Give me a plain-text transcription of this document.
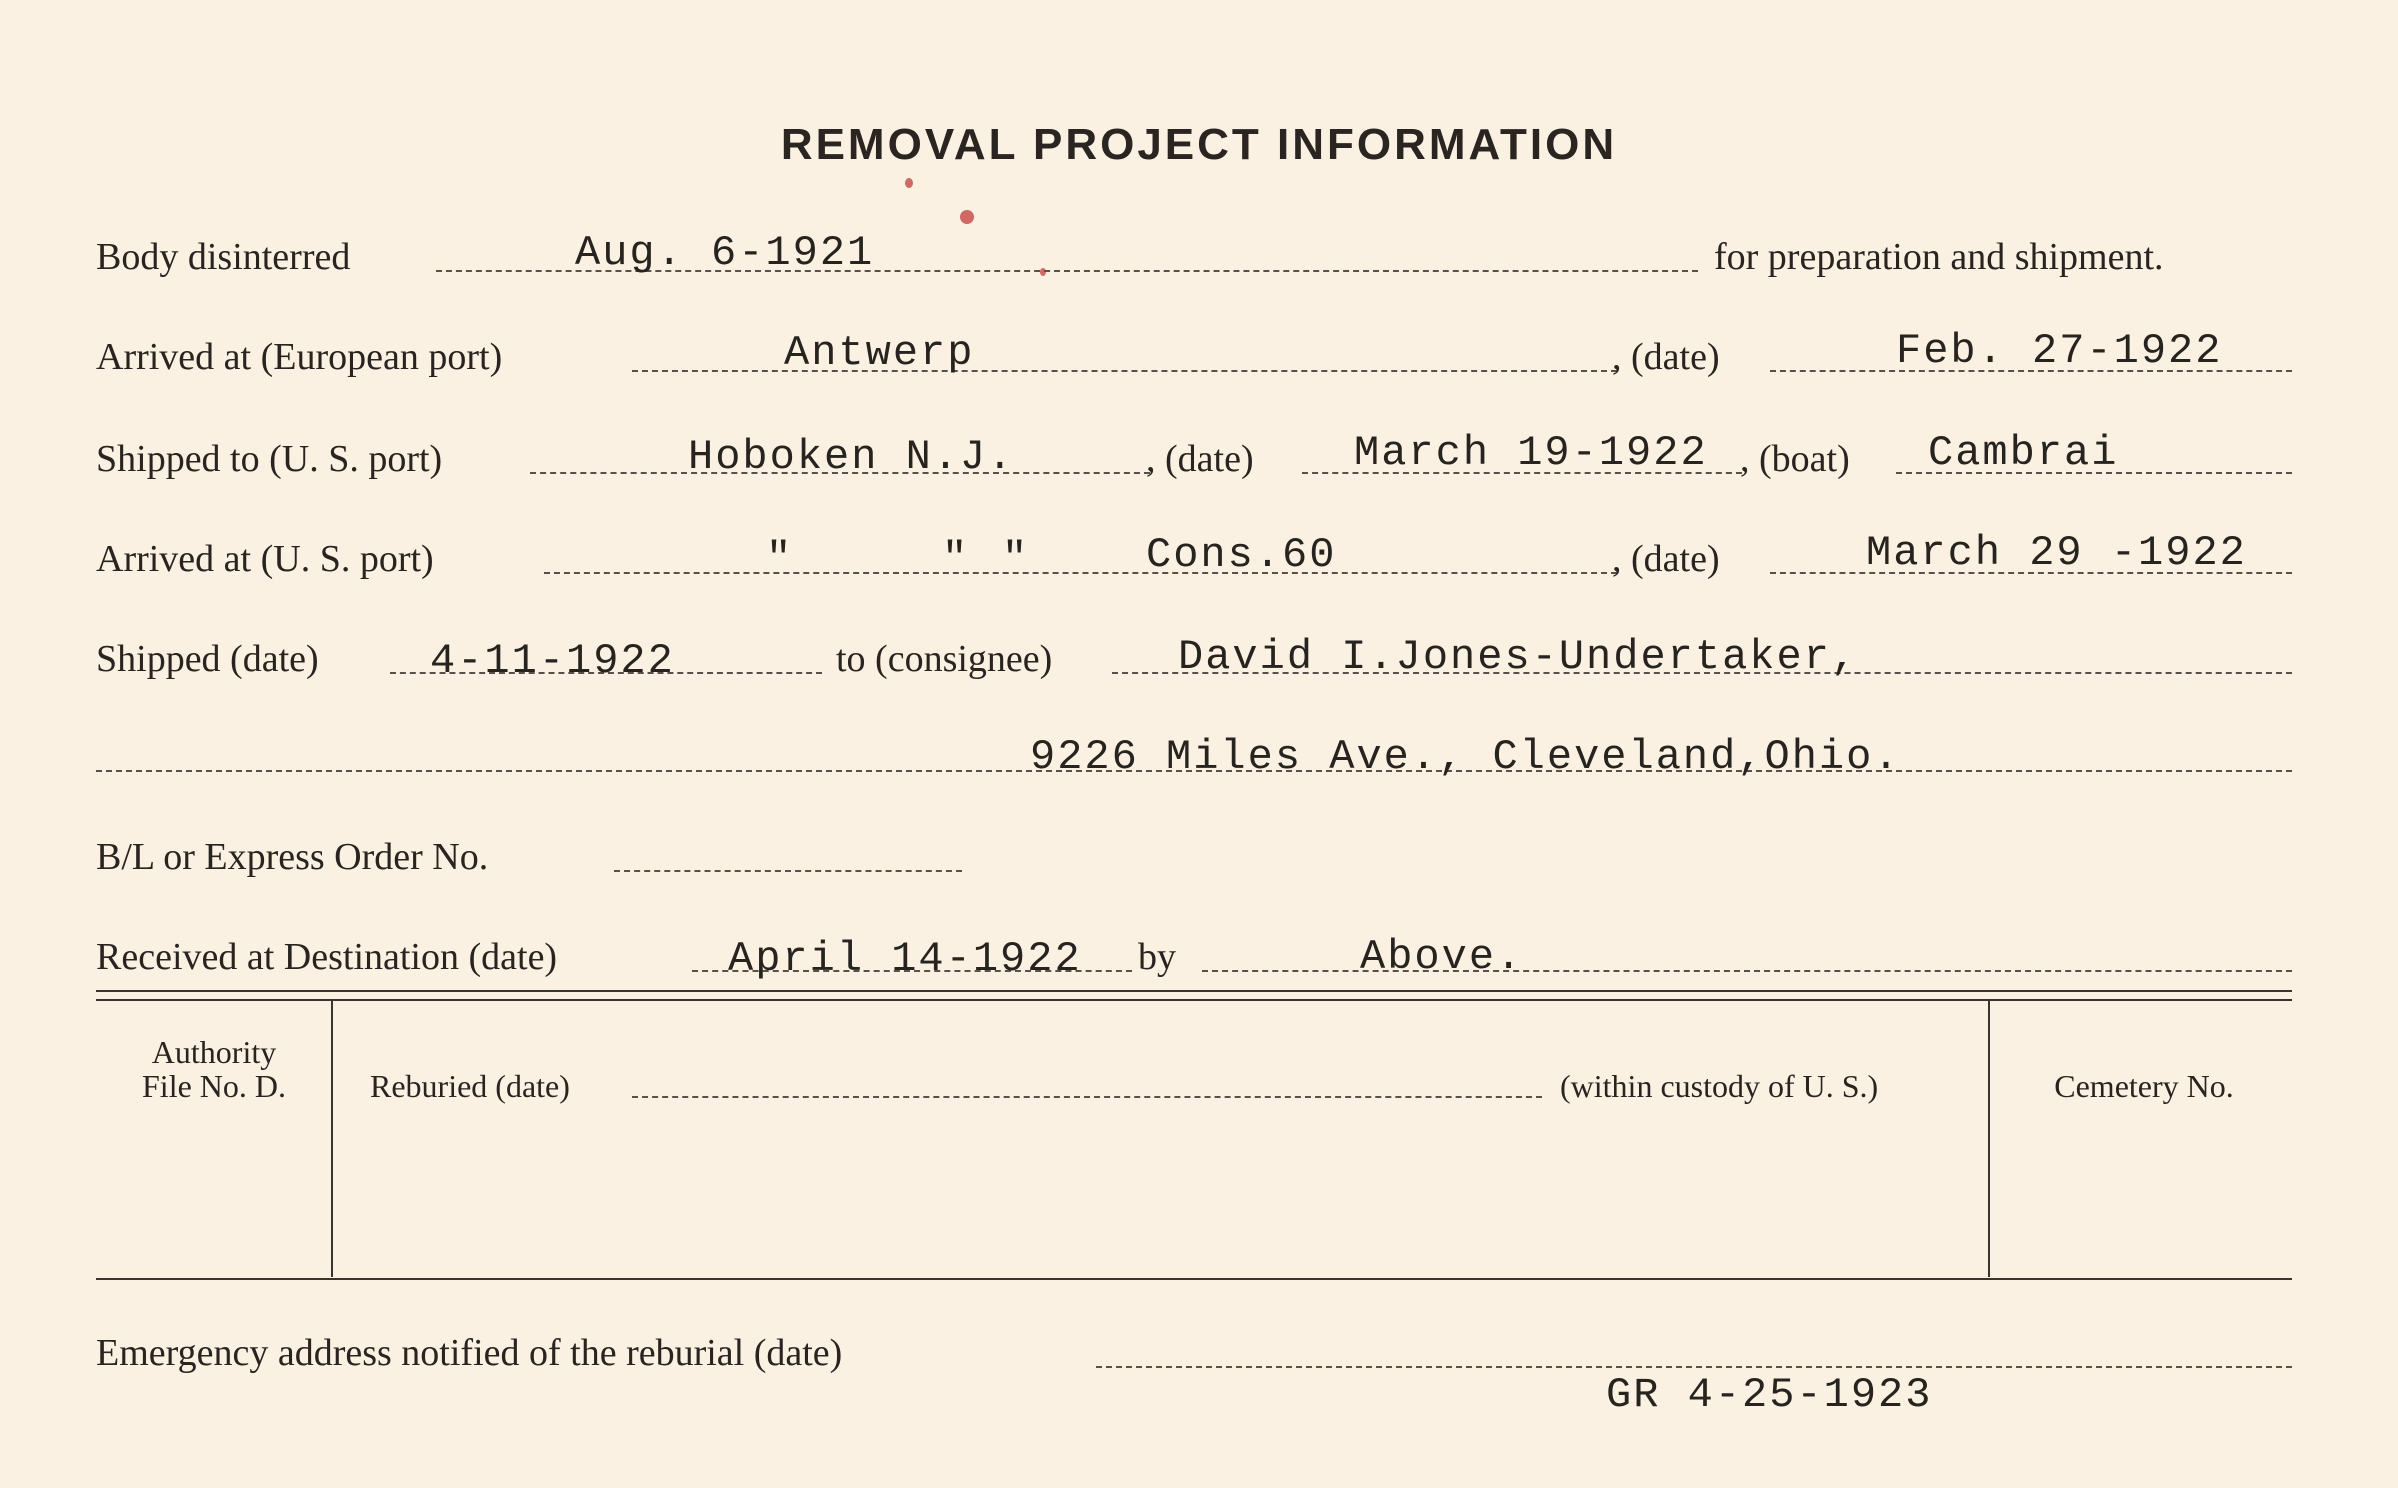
REMOVAL PROJECT INFORMATION
Body disinterred	Aug. 6-1921	for preparation and shipment.
Arrived at (European port)	Antwerp	, (date)	Feb. 27-1922
Shipped to (U. S. port)	Hoboken N.J.	, (date) March 19-1922 , (boat) Cambrai
Arrived at (U. S. port)	"	" "	Cons.60	, (date)	March 29 -1922
Shipped (date)	4-11-1922	to (consignee)	David I.Jones-Undertaker,
9226 Miles Ave., Cleveland,Ohio.
B/L or Express Order No.
Received at Destination (date)	April 14-1922 by	Above.
Authority
File No. D.	Reburied (date)	(within custody of U. S.)	Cemetery No.
Emergency address notified of the reburial (date)
GR 4-25-1923
